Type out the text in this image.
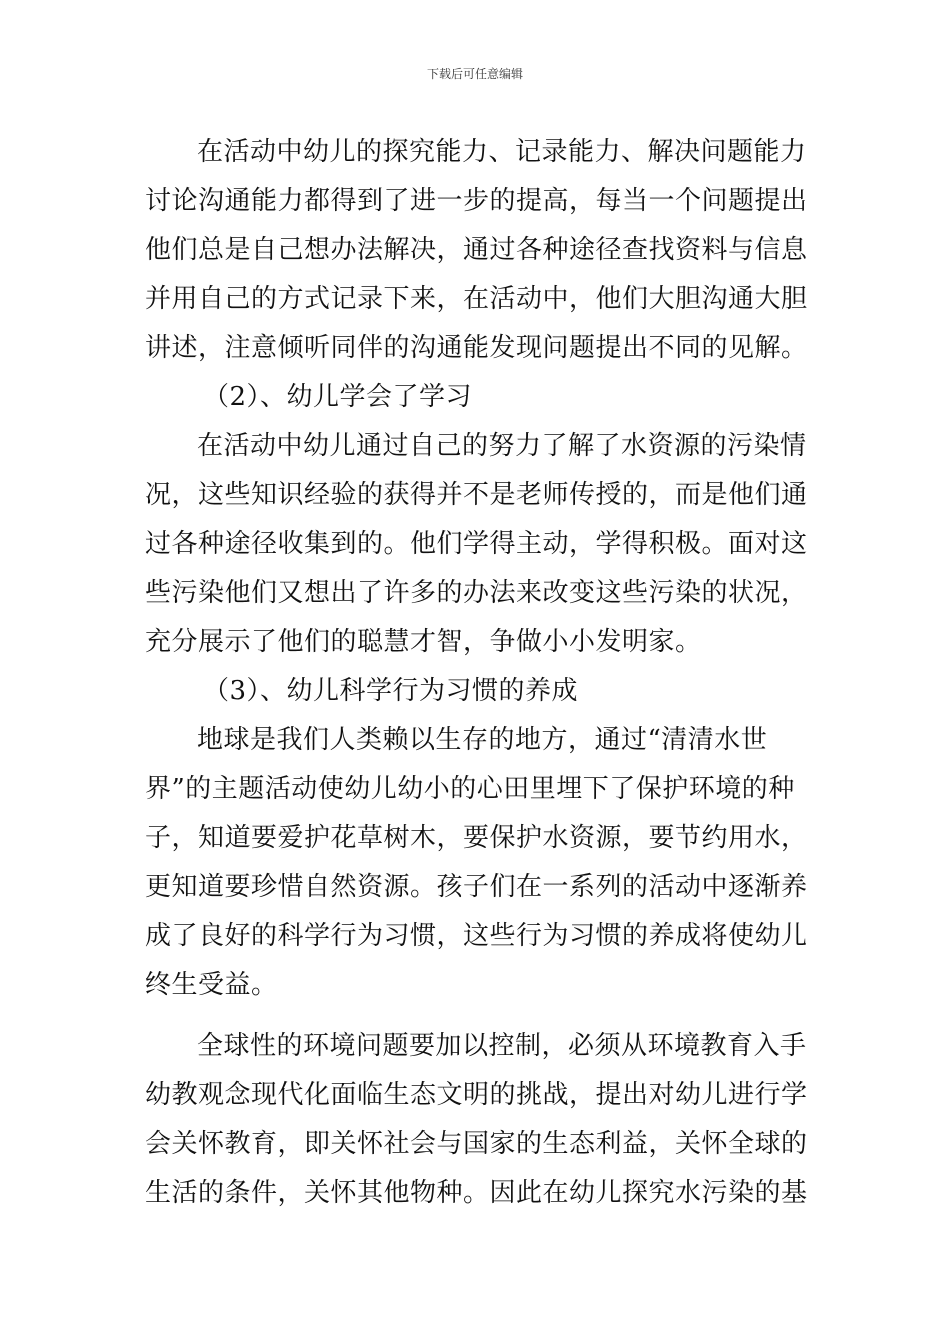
下载后可任意编辑
在活动中幼儿的探究能力、记录能力、解决问题能力
讨论沟通能力都得到了进一步的提高，每当一个问题提出
他们总是自己想办法解决，通过各种途径查找资料与信息
并用自己的方式记录下来，在活动中，他们大胆沟通大胆
讲述，注意倾听同伴的沟通能发现问题提出不同的见解。
（2）、幼儿学会了学习
在活动中幼儿通过自己的努力了解了水资源的污染情
况，这些知识经验的获得并不是老师传授的，而是他们通
过各种途径收集到的。他们学得主动，学得积极。面对这
些污染他们又想出了许多的办法来改变这些污染的状况，
充分展示了他们的聪慧才智，争做小小发明家。
（3）、幼儿科学行为习惯的养成
地球是我们人类赖以生存的地方，通过“清清水世
界”的主题活动使幼儿幼小的心田里埋下了保护环境的种
子，知道要爱护花草树木，要保护水资源，要节约用水，
更知道要珍惜自然资源。孩子们在一系列的活动中逐渐养
成了良好的科学行为习惯，这些行为习惯的养成将使幼儿
终生受益。
全球性的环境问题要加以控制，必须从环境教育入手
幼教观念现代化面临生态文明的挑战，提出对幼儿进行学
会关怀教育，即关怀社会与国家的生态利益，关怀全球的
生活的条件，关怀其他物种。因此在幼儿探究水污染的基
